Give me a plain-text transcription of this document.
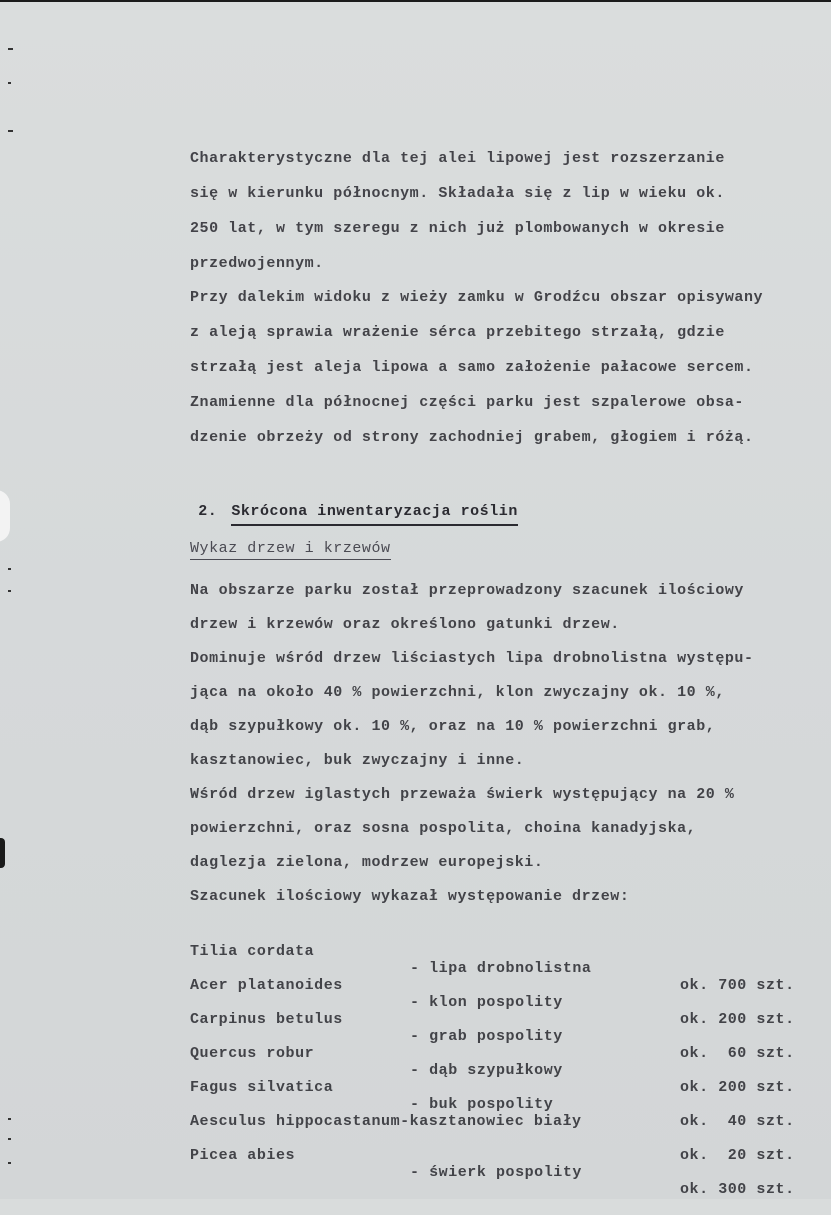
Charakterystyczne dla tej alei lipowej jest rozszerzanie
się w kierunku północnym. Składała się z lip w wieku ok.
250 lat, w tym szeregu z nich już plombowanych w okresie
przedwojennym.
Przy dalekim widoku z wieży zamku w Grodźcu obszar opisywany
z aleją sprawia wrażenie sérca przebitego strzałą, gdzie
strzałą jest aleja lipowa a samo założenie pałacowe sercem.
Znamienne dla północnej części parku jest szpalerowe obsa-
dzenie obrzeży od strony zachodniej grabem, głogiem i różą.

2. Skrócona inwentaryzacja roślin

Wykaz drzew i krzewów
Na obszarze parku został przeprowadzony szacunek ilościowy
drzew i krzewów oraz określono gatunki drzew.
Dominuje wśród drzew liściastych lipa drobnolistna występu-
jąca na około 40 % powierzchni, klon zwyczajny ok. 10 %,
dąb szypułkowy ok. 10 %, oraz na 10 % powierzchni grab,
kasztanowiec, buk zwyczajny i inne.
Wśród drzew iglastych przeważa świerk występujący na 20 %
powierzchni, oraz sosna pospolita, choina kanadyjska,
daglezja zielona, modrzew europejski.
Szacunek ilościowy wykazał występowanie drzew:

Tilia cordata

- lipa drobnolistna

ok. 700 szt.

Acer platanoides

- klon pospolity

ok. 200 szt.

Carpinus betulus

- grab pospolity

ok.  60 szt.

Quercus robur

- dąb szypułkowy

ok. 200 szt.

Fagus silvatica

- buk pospolity

ok.  40 szt.

Aesculus hippocastanum-kasztanowiec biały

ok.  20 szt.

Picea abies

- świerk pospolity

ok. 300 szt.
